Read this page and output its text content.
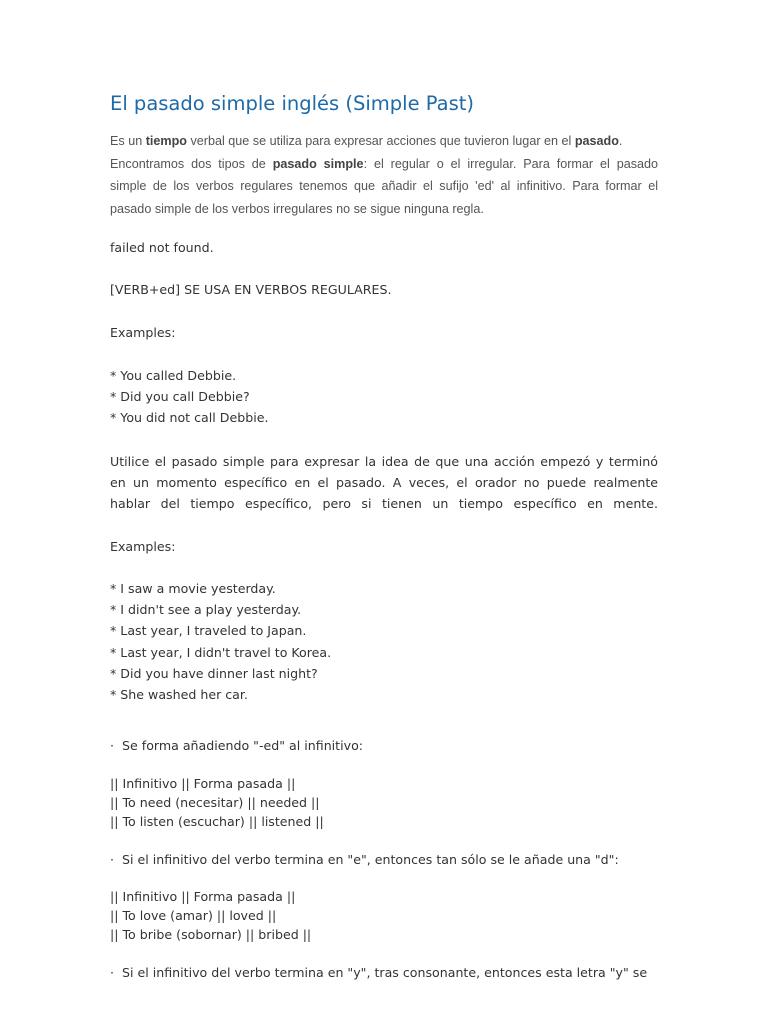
El pasado simple inglés (Simple Past)
Es un tiempo verbal que se utiliza para expresar acciones que tuvieron lugar en el pasado.
Encontramos dos tipos de pasado simple: el regular o el irregular. Para formar el pasado
simple de los verbos regulares tenemos que añadir el sufijo 'ed' al infinitivo. Para formar el
pasado simple de los verbos irregulares no se sigue ninguna regla.
failed not found.
[VERB+ed] SE USA EN VERBOS REGULARES.
Examples:
* You called Debbie.
* Did you call Debbie?
* You did not call Debbie.
Utilice el pasado simple para expresar la idea de que una acción empezó y terminó
en un momento específico en el pasado. A veces, el orador no puede realmente
hablar del tiempo específico, pero si tienen un tiempo específico en mente.
Examples:
* I saw a movie yesterday.
* I didn't see a play yesterday.
* Last year, I traveled to Japan.
* Last year, I didn't travel to Korea.
* Did you have dinner last night?
* She washed her car.
· Se forma añadiendo "-ed" al infinitivo:
|| Infinitivo || Forma pasada ||
|| To need (necesitar) || needed ||
|| To listen (escuchar) || listened ||
· Si el infinitivo del verbo termina en "e", entonces tan sólo se le añade una "d":
|| Infinitivo || Forma pasada ||
|| To love (amar) || loved ||
|| To bribe (sobornar) || bribed ||
· Si el infinitivo del verbo termina en "y", tras consonante, entonces esta letra "y" se
